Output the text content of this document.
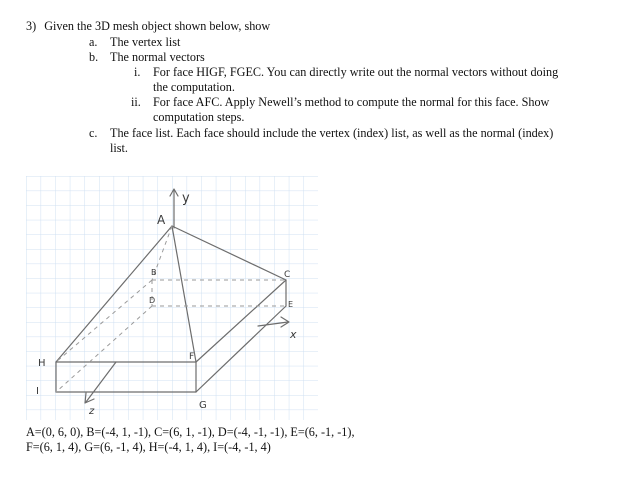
3) Given the 3D mesh object shown below, show
a. The vertex list
b. The normal vectors
i. For face HIGF, FGEC. You can directly write out the normal vectors without doing
the computation.
ii. For face AFC. Apply Newell’s method to compute the normal for this face. Show
computation steps.
c. The face list. Each face should include the vertex (index) list, as well as the normal (index)
list.
y
A
B
D
C
E
x
F
H
I
G
z
A=(0, 6, 0), B=(-4, 1, -1), C=(6, 1, -1), D=(-4, -1, -1), E=(6, -1, -1),
F=(6, 1, 4), G=(6, -1, 4), H=(-4, 1, 4), I=(-4, -1, 4)
